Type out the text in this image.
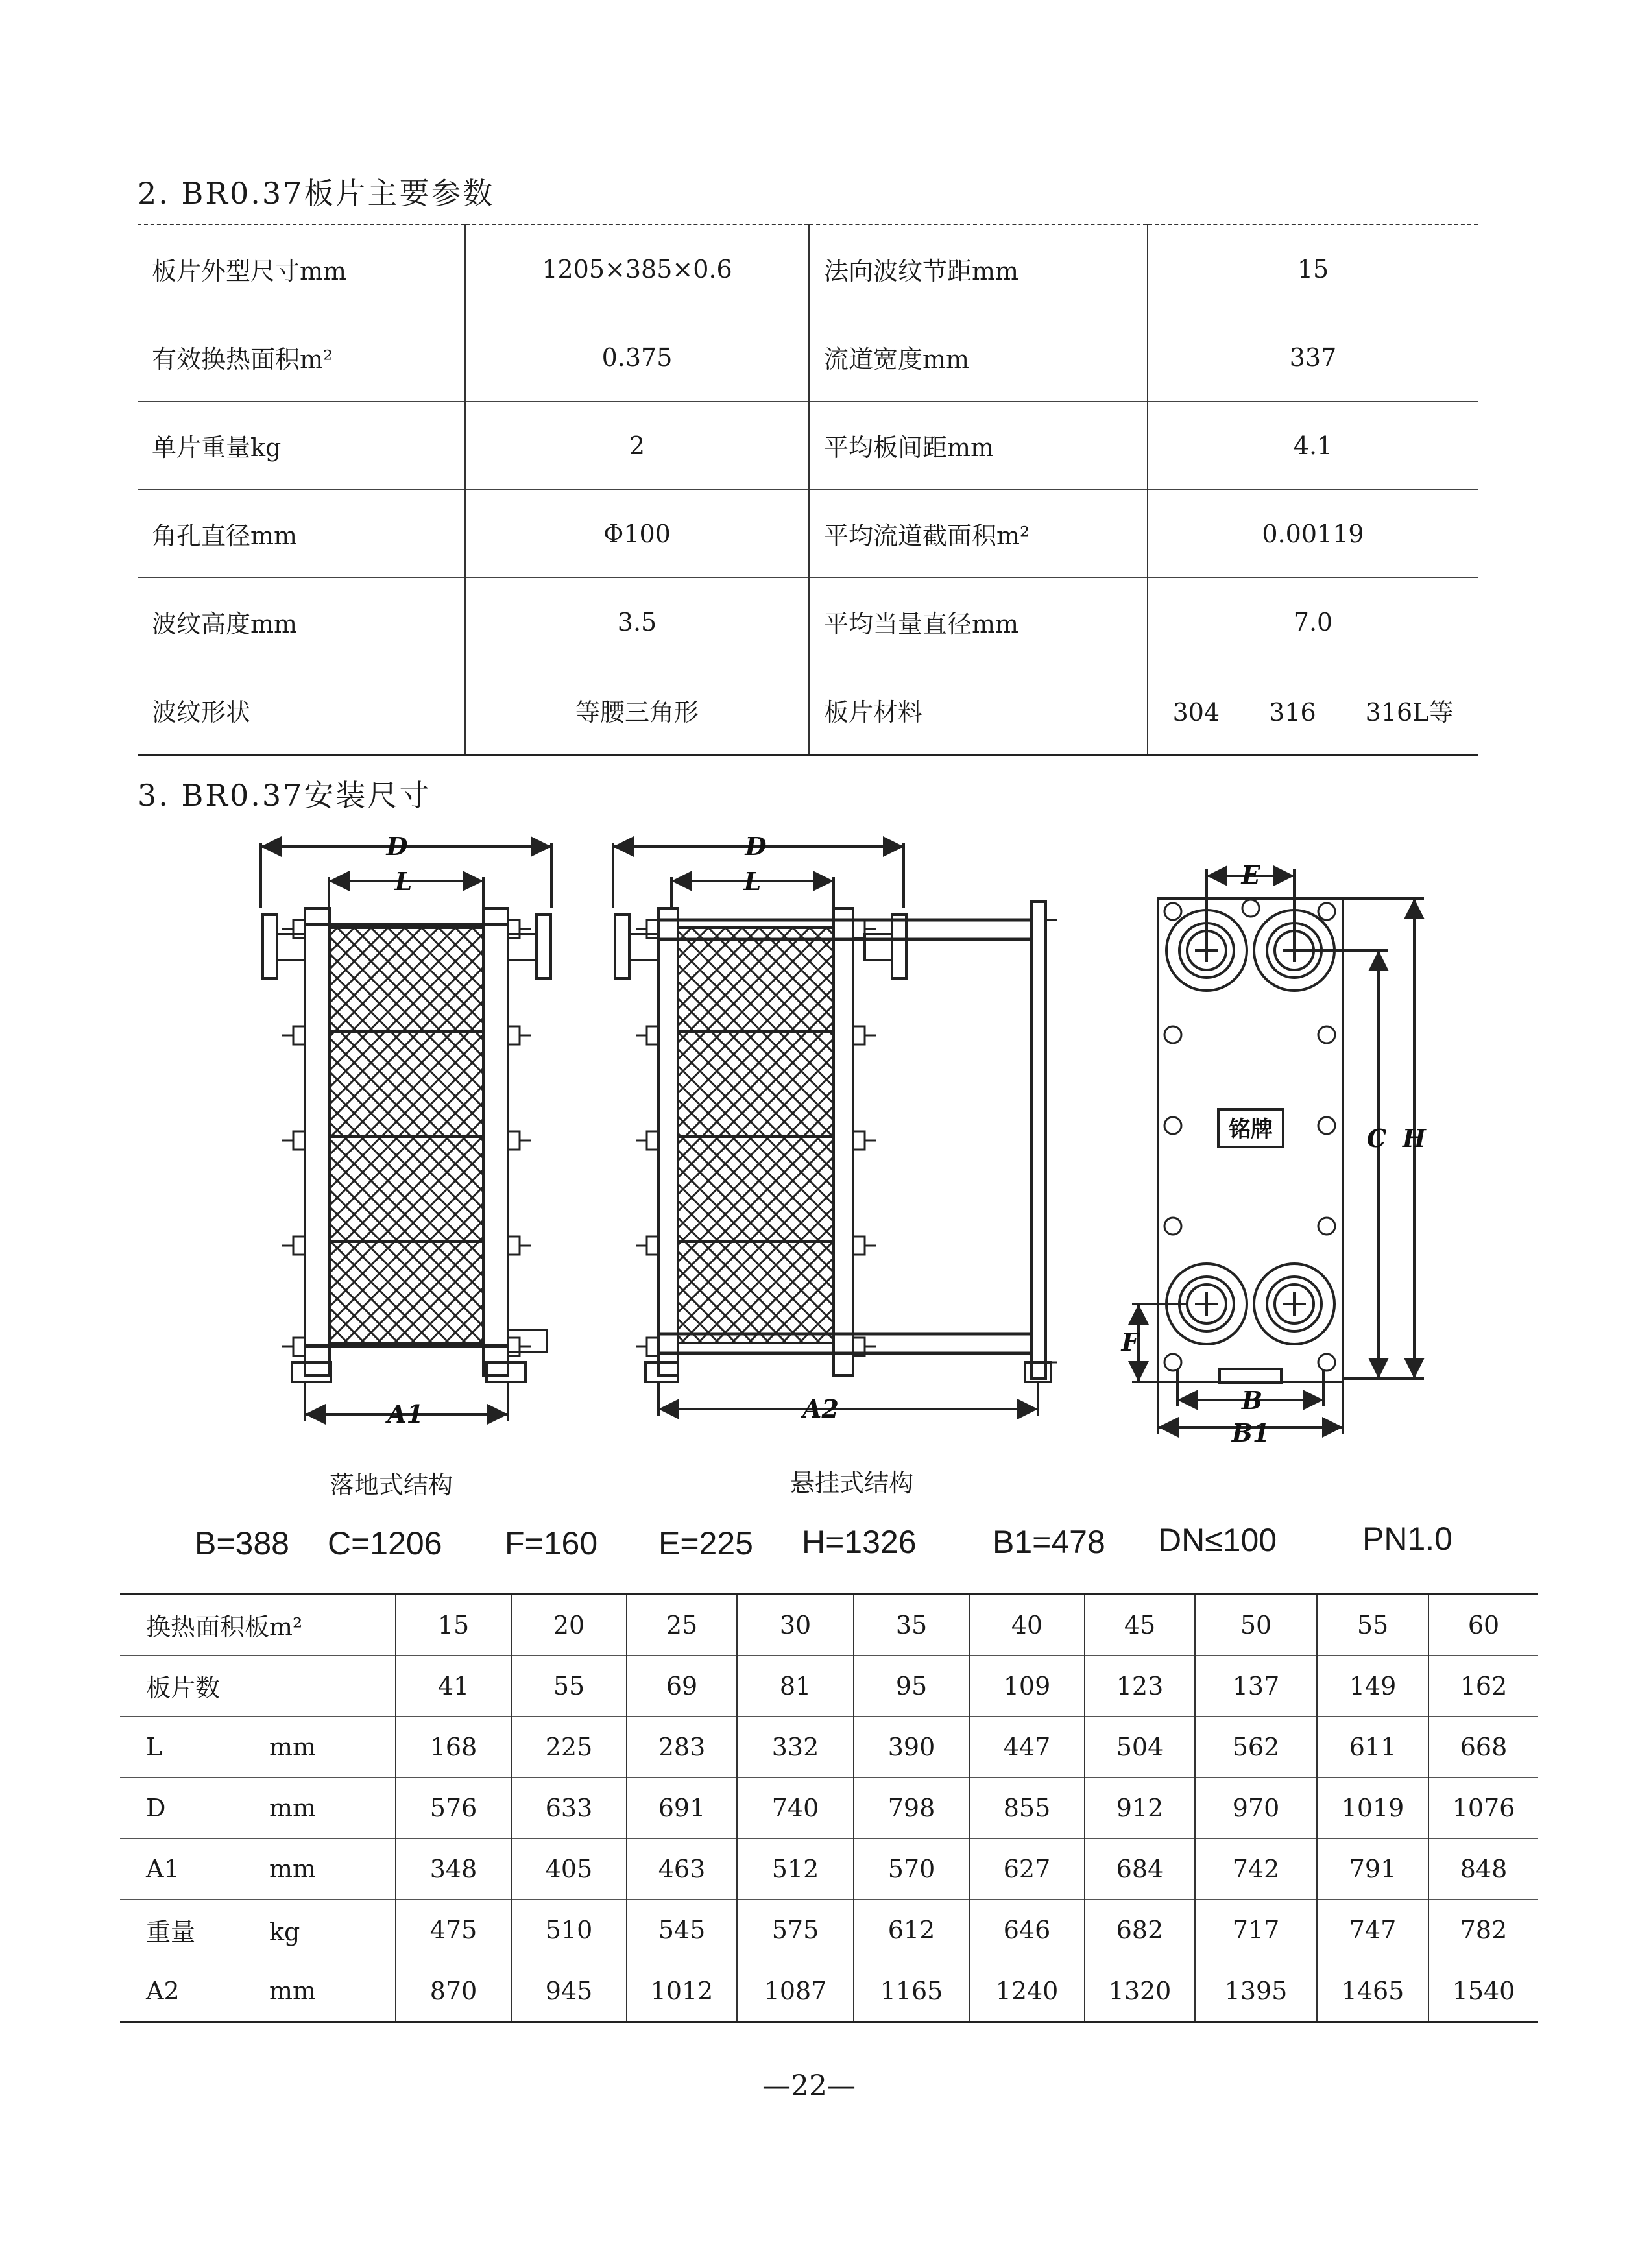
2. BR0.37板片主要参数
板片外型尺寸mm	1205×385×0.6	法向波纹节距mm	15
有效换热面积m²	0.375	流道宽度mm	337
单片重量kg	2	平均板间距mm	4.1
角孔直径mm	Φ100	平均流道截面积m²	0.00119
波纹高度mm	3.5	平均当量直径mm	7.0
波纹形状	等腰三角形	板片材料	304　　316　　316L等
3. BR0.37安装尺寸
D
L
A1
D
L
A2
E
C H
F
B
B1
铭牌
落地式结构	悬挂式结构
B=388 C=1206 F=160 E=225 H=1326 B1=478 DN≤100	PN1.0
换热面积板m²	15	20	25	30	35	40	45	50	55	60
板片数	41	55	69	81	95	109	123	137	149	162
L mm	168	225	283	332	390	447	504	562	611	668
D mm	576	633	691	740	798	855	912	970	1019	1076
A1 mm	348	405	463	512	570	627	684	742	791	848
重量 kg	475	510	545	575	612	646	682	717	747	782
A2 mm	870	945	1012	1087	1165	1240	1320	1395	1465	1540
—22—
